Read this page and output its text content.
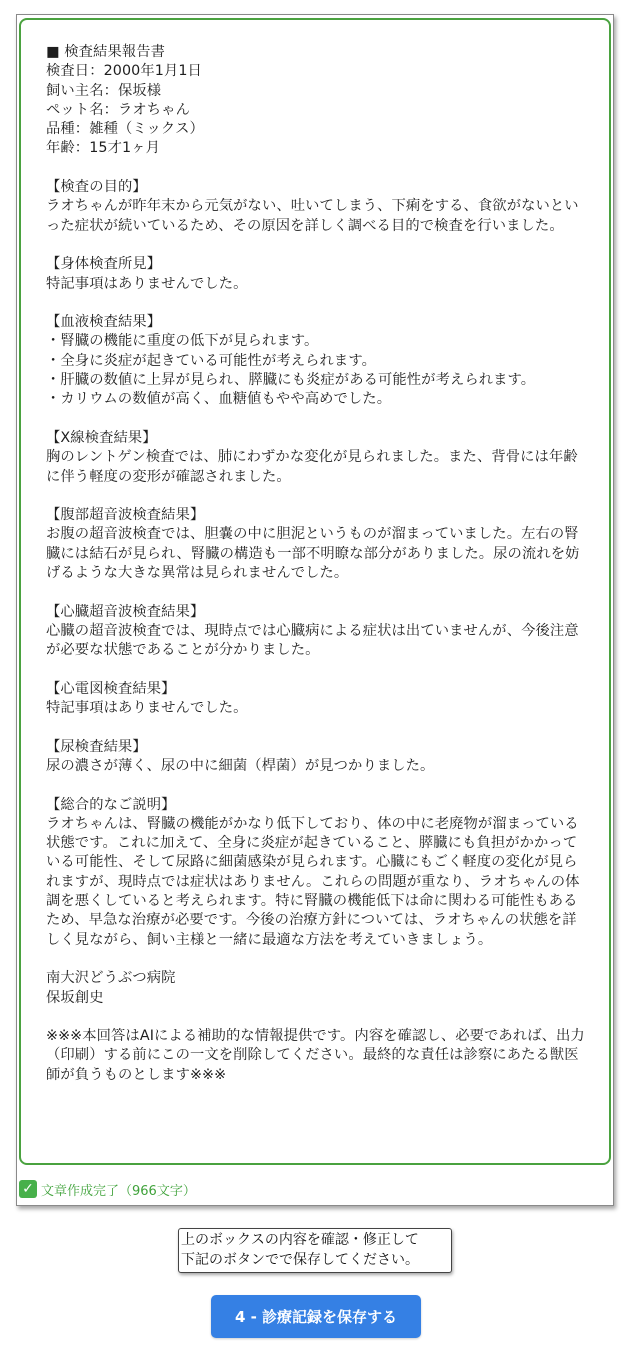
■ 検査結果報告書
検査日：2000年1月1日
飼い主名：保坂様
ペット名：ラオちゃん
品種：雑種（ミックス）
年齢：15才1ヶ月

【検査の目的】
ラオちゃんが昨年末から元気がない、吐いてしまう、下痢をする、食欲がないといった症状が続いているため、その原因を詳しく調べる目的で検査を行いました。

【身体検査所見】
特記事項はありませんでした。

【血液検査結果】
・腎臓の機能に重度の低下が見られます。
・全身に炎症が起きている可能性が考えられます。
・肝臓の数値に上昇が見られ、膵臓にも炎症がある可能性が考えられます。
・カリウムの数値が高く、血糖値もやや高めでした。

【X線検査結果】
胸のレントゲン検査では、肺にわずかな変化が見られました。また、背骨には年齢に伴う軽度の変形が確認されました。

【腹部超音波検査結果】
お腹の超音波検査では、胆嚢の中に胆泥というものが溜まっていました。左右の腎臓には結石が見られ、腎臓の構造も一部不明瞭な部分がありました。尿の流れを妨げるような大きな異常は見られませんでした。

【心臓超音波検査結果】
心臓の超音波検査では、現時点では心臓病による症状は出ていませんが、今後注意が必要な状態であることが分かりました。

【心電図検査結果】
特記事項はありませんでした。

【尿検査結果】
尿の濃さが薄く、尿の中に細菌（桿菌）が見つかりました。

【総合的なご説明】
ラオちゃんは、腎臓の機能がかなり低下しており、体の中に老廃物が溜まっている状態です。これに加えて、全身に炎症が起きていること、膵臓にも負担がかかっている可能性、そして尿路に細菌感染が見られます。心臓にもごく軽度の変化が見られますが、現時点では症状はありません。これらの問題が重なり、ラオちゃんの体調を悪くしていると考えられます。特に腎臓の機能低下は命に関わる可能性もあるため、早急な治療が必要です。今後の治療方針については、ラオちゃんの状態を詳しく見ながら、飼い主様と一緒に最適な方法を考えていきましょう。

南大沢どうぶつ病院
保坂創史

※※※本回答はAIによる補助的な情報提供です。内容を確認し、必要であれば、出力（印刷）する前にこの一文を削除してください。最終的な責任は診察にあたる獣医師が負うものとします※※※
✓ 文章作成完了（966文字）
上のボックスの内容を確認・修正して
下記のボタンでで保存してください。
4 - 診療記録を保存する
